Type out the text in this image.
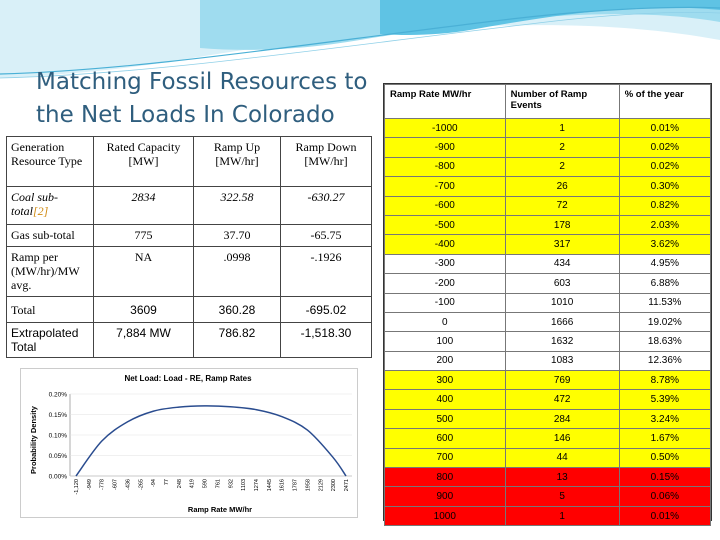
Matching Fossil Resources to the Net Loads In Colorado
Generation Resource Type	Rated Capacity [MW]	Ramp Up [MW/hr]	Ramp Down [MW/hr]
Coal sub-total[2]	2834	322.58	-630.27
Gas sub-total	775	37.70	-65.75
Ramp per (MW/hr)/MW avg.	NA	.0998	-.1926
Total	3609	360.28	-695.02
Extrapolated Total	7,884 MW	786.82	-1,518.30
Net Load: Load - RE, Ramp Rates
Probability Density
Ramp Rate MW/hr
0.00%
0.05%
0.10%
0.15%
0.20%
-1,120 -949 -778 -607 -436 -265 -94 77 248 419 590 761 932 1103 1274 1445 1616 1787 1958 2129 2300 2471
Ramp Rate MW/hr	Number of Ramp Events	% of the year
-1000	1	0.01%
-900	2	0.02%
-800	2	0.02%
-700	26	0.30%
-600	72	0.82%
-500	178	2.03%
-400	317	3.62%
-300	434	4.95%
-200	603	6.88%
-100	1010	11.53%
0	1666	19.02%
100	1632	18.63%
200	1083	12.36%
300	769	8.78%
400	472	5.39%
500	284	3.24%
600	146	1.67%
700	44	0.50%
800	13	0.15%
900	5	0.06%
1000	1	0.01%
